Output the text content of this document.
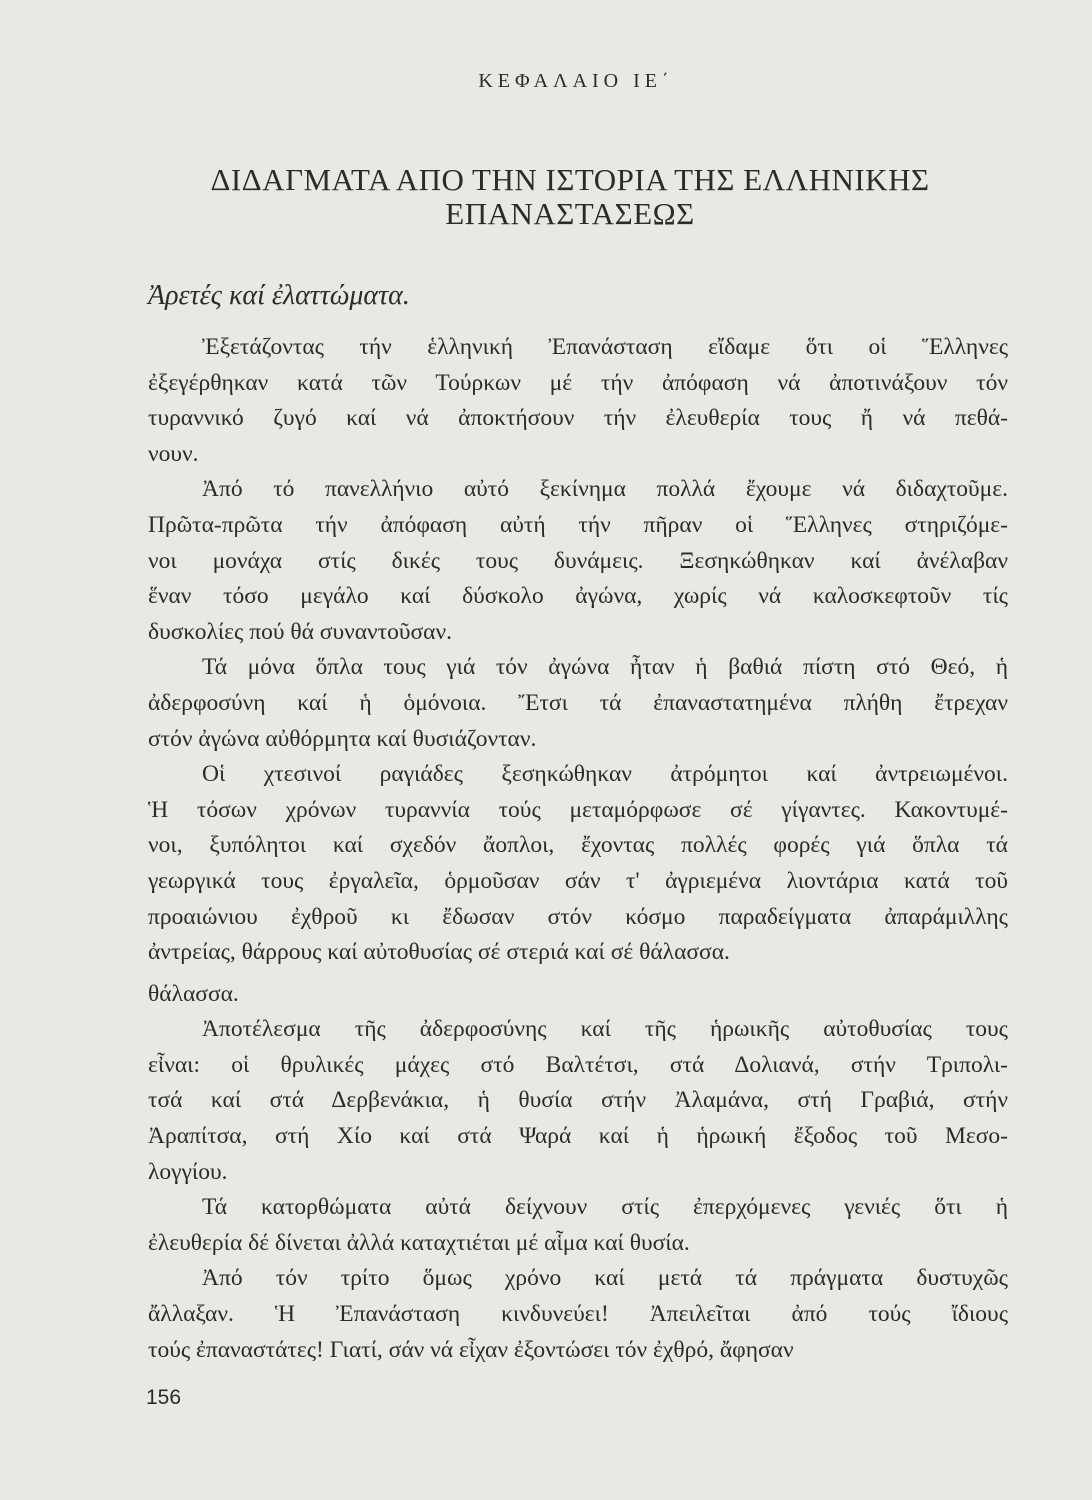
ΚΕΦΑΛΑΙΟ ΙΕ΄
ΔΙΔΑΓΜΑΤΑ ΑΠΟ ΤΗΝ ΙΣΤΟΡΙΑ ΤΗΣ ΕΛΛΗΝΙΚΗΣ
ΕΠΑΝΑΣΤΑΣΕΩΣ
Ἀρετές καί ἐλαττώματα.

Ἐξετάζοντας τήν ἑλληνική Ἐπανάσταση εἴδαμε ὅτι οἱ Ἕλληνες
ἐξεγέρθηκαν κατά τῶν Τούρκων μέ τήν ἀπόφαση νά ἀποτινάξουν τόν
τυραννικό ζυγό καί νά ἀποκτήσουν τήν ἐλευθερία τους ἤ νά πεθά-
νουν.

Ἀπό τό πανελλήνιο αὐτό ξεκίνημα πολλά ἔχουμε νά διδαχτοῦμε.
Πρῶτα-πρῶτα τήν ἀπόφαση αὐτή τήν πῆραν οἱ Ἕλληνες στηριζόμε-
νοι μονάχα στίς δικές τους δυνάμεις. Ξεσηκώθηκαν καί ἀνέλαβαν
ἕναν τόσο μεγάλο καί δύσκολο ἀγώνα, χωρίς νά καλοσκεφτοῦν τίς
δυσκολίες πού θά συναντοῦσαν.

Τά μόνα ὅπλα τους γιά τόν ἀγώνα ἦταν ἡ βαθιά πίστη στό Θεό, ἡ
ἀδερφοσύνη καί ἡ ὁμόνοια. Ἔτσι τά ἐπαναστατημένα πλήθη ἔτρεχαν
στόν ἀγώνα αὐθόρμητα καί θυσιάζονταν.

Οἱ χτεσινοί ραγιάδες ξεσηκώθηκαν ἀτρόμητοι καί ἀντρειωμένοι.
Ἡ τόσων χρόνων τυραννία τούς μεταμόρφωσε σέ γίγαντες. Κακοντυμέ-
νοι, ξυπόλητοι καί σχεδόν ἄοπλοι, ἔχοντας πολλές φορές γιά ὅπλα τά
γεωργικά τους ἐργαλεῖα, ὁρμοῦσαν σάν τ' ἀγριεμένα λιοντάρια κατά τοῦ
προαιώνιου ἐχθροῦ κι ἔδωσαν στόν κόσμο παραδείγματα ἀπαράμιλλης
ἀντρείας, θάρρους καί αὐτοθυσίας σέ στεριά καί σέ θάλασσα.
θάλασσα.

Ἀποτέλεσμα τῆς ἀδερφοσύνης καί τῆς ἡρωικῆς αὐτοθυσίας τους
εἶναι: οἱ θρυλικές μάχες στό Βαλτέτσι, στά Δολιανά, στήν Τριπολι-
τσά καί στά Δερβενάκια, ἡ θυσία στήν Ἀλαμάνα, στή Γραβιά, στήν
Ἀραπίτσα, στή Χίο καί στά Ψαρά καί ἡ ἡρωική ἔξοδος τοῦ Μεσο-
λογγίου.

Τά κατορθώματα αὐτά δείχνουν στίς ἐπερχόμενες γενιές ὅτι ἡ
ἐλευθερία δέ δίνεται ἀλλά καταχτιέται μέ αἷμα καί θυσία.

Ἀπό τόν τρίτο ὅμως χρόνο καί μετά τά πράγματα δυστυχῶς
ἄλλαξαν. Ἡ Ἐπανάσταση κινδυνεύει! Ἀπειλεῖται ἀπό τούς ἴδιους
τούς ἐπαναστάτες! Γιατί, σάν νά εἶχαν ἐξοντώσει τόν ἐχθρό, ἄφησαν

156
